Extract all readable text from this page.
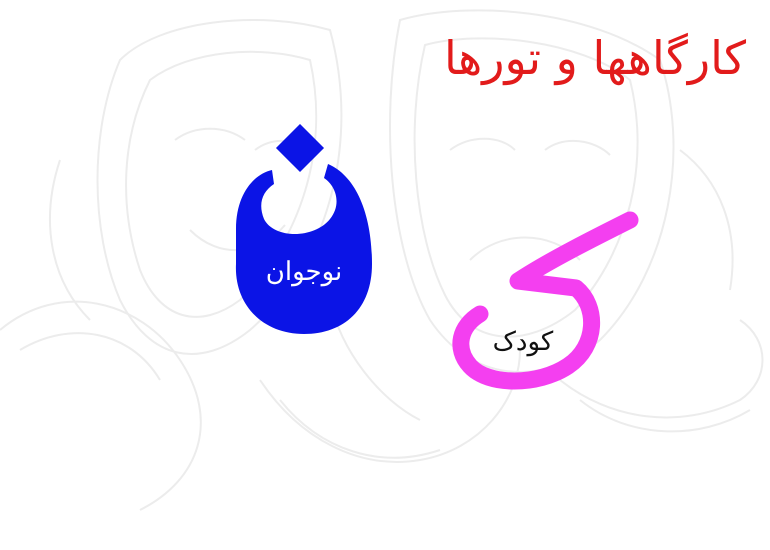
کارگاهها و تورها
نوجوان
کودک
